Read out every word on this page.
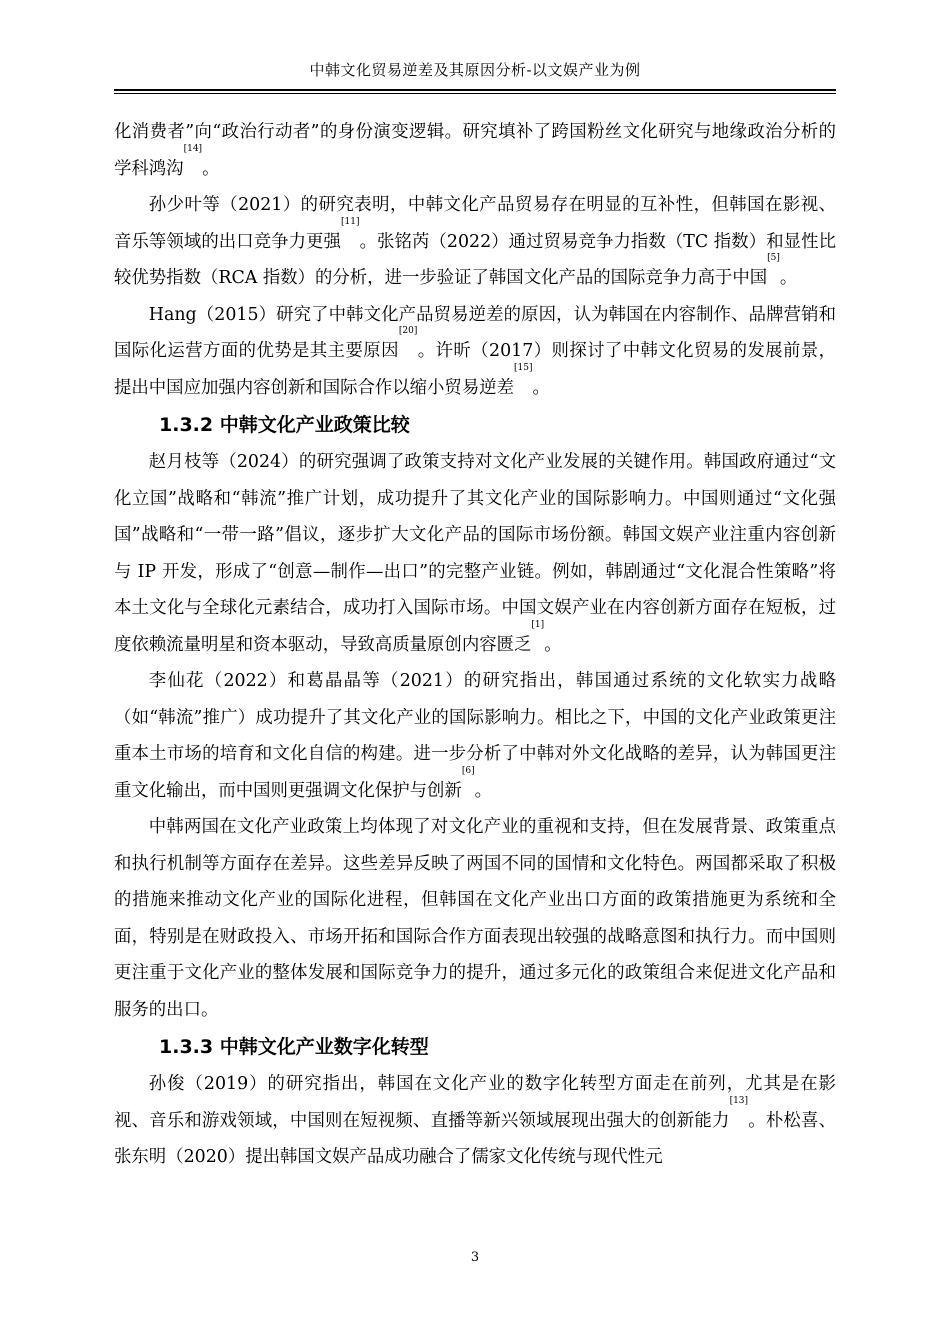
中韩文化贸易逆差及其原因分析-以文娱产业为例

化消费者”向“政治行动者”的身份演变逻辑。研究填补了跨国粉丝文化研究与地缘政治分析的学科鸿沟[14]。

孙少叶等（2021）的研究表明，中韩文化产品贸易存在明显的互补性，但韩国在影视、音乐等领域的出口竞争力更强[11]。张铭芮（2022）通过贸易竞争力指数（TC 指数）和显性比较优势指数（RCA 指数）的分析，进一步验证了韩国文化产品的国际竞争力高于中国[5]。

Hang（2015）研究了中韩文化产品贸易逆差的原因，认为韩国在内容制作、品牌营销和国际化运营方面的优势是其主要原因[20]。许昕（2017）则探讨了中韩文化贸易的发展前景，提出中国应加强内容创新和国际合作以缩小贸易逆差[15]。

1.3.2 中韩文化产业政策比较

赵月枝等（2024）的研究强调了政策支持对文化产业发展的关键作用。韩国政府通过“文化立国”战略和“韩流”推广计划，成功提升了其文化产业的国际影响力。中国则通过“文化强国”战略和“一带一路”倡议，逐步扩大文化产品的国际市场份额。韩国文娱产业注重内容创新与 IP 开发，形成了“创意—制作—出口”的完整产业链。例如，韩剧通过“文化混合性策略”将本土文化与全球化元素结合，成功打入国际市场。中国文娱产业在内容创新方面存在短板，过度依赖流量明星和资本驱动，导致高质量原创内容匮乏[1]。

李仙花（2022）和葛晶晶等（2021）的研究指出，韩国通过系统的文化软实力战略（如“韩流”推广）成功提升了其文化产业的国际影响力。相比之下，中国的文化产业政策更注重本土市场的培育和文化自信的构建。进一步分析了中韩对外文化战略的差异，认为韩国更注重文化输出，而中国则更强调文化保护与创新[6]。

中韩两国在文化产业政策上均体现了对文化产业的重视和支持，但在发展背景、政策重点和执行机制等方面存在差异。这些差异反映了两国不同的国情和文化特色。两国都采取了积极的措施来推动文化产业的国际化进程，但韩国在文化产业出口方面的政策措施更为系统和全面，特别是在财政投入、市场开拓和国际合作方面表现出较强的战略意图和执行力。而中国则更注重于文化产业的整体发展和国际竞争力的提升，通过多元化的政策组合来促进文化产品和服务的出口。

1.3.3 中韩文化产业数字化转型

孙俊（2019）的研究指出，韩国在文化产业的数字化转型方面走在前列，尤其是在影视、音乐和游戏领域，中国则在短视频、直播等新兴领域展现出强大的创新能力[13]。朴松喜、张东明（2020）提出韩国文娱产品成功融合了儒家文化传统与现代性元

3
